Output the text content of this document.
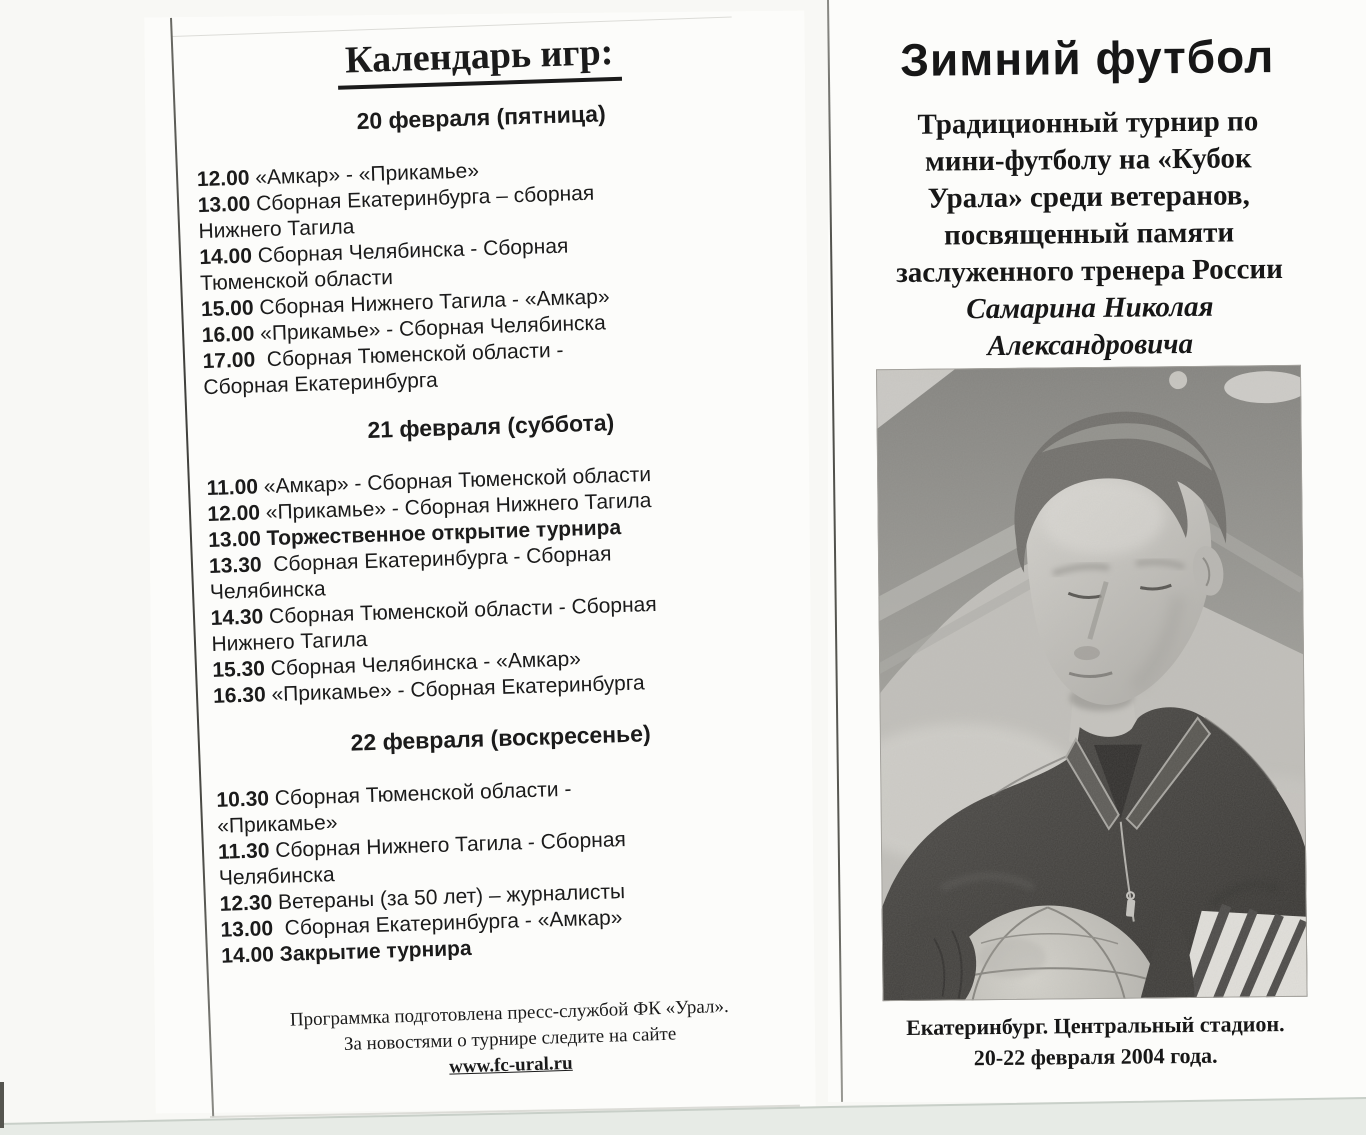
Календарь игр:
20 февраля (пятница)
12.00 «Амкар» - «Прикамье»
13.00 Сборная Екатеринбурга – сборная
Нижнего Тагила
14.00 Сборная Челябинска - Сборная
Тюменской области
15.00 Сборная Нижнего Тагила - «Амкар»
16.00 «Прикамье» - Сборная Челябинска
17.00  Сборная Тюменской области -
Сборная Екатеринбурга
21 февраля (суббота)
11.00 «Амкар» - Сборная Тюменской области
12.00 «Прикамье» - Сборная Нижнего Тагила
13.00 Торжественное открытие турнира
13.30  Сборная Екатеринбурга - Сборная
Челябинска
14.30 Сборная Тюменской области - Сборная
Нижнего Тагила
15.30 Сборная Челябинска - «Амкар»
16.30 «Прикамье» - Сборная Екатеринбурга
22 февраля (воскресенье)
10.30 Сборная Тюменской области -
«Прикамье»
11.30 Сборная Нижнего Тагила - Сборная
Челябинска
12.30 Ветераны (за 50 лет) – журналисты
13.00  Сборная Екатеринбурга - «Амкар»
14.00 Закрытие турнира
Программка подготовлена пресс-службой ФК «Урал».
За новостями о турнире следите на сайте
www.fc-ural.ru
Зимний футбол
Традиционный турнир по
мини-футболу на «Кубок
Урала» среди ветеранов,
посвященный памяти
заслуженного тренера России
Самарина Николая
Александровича
Екатеринбург. Центральный стадион.
20-22 февраля 2004 года.
